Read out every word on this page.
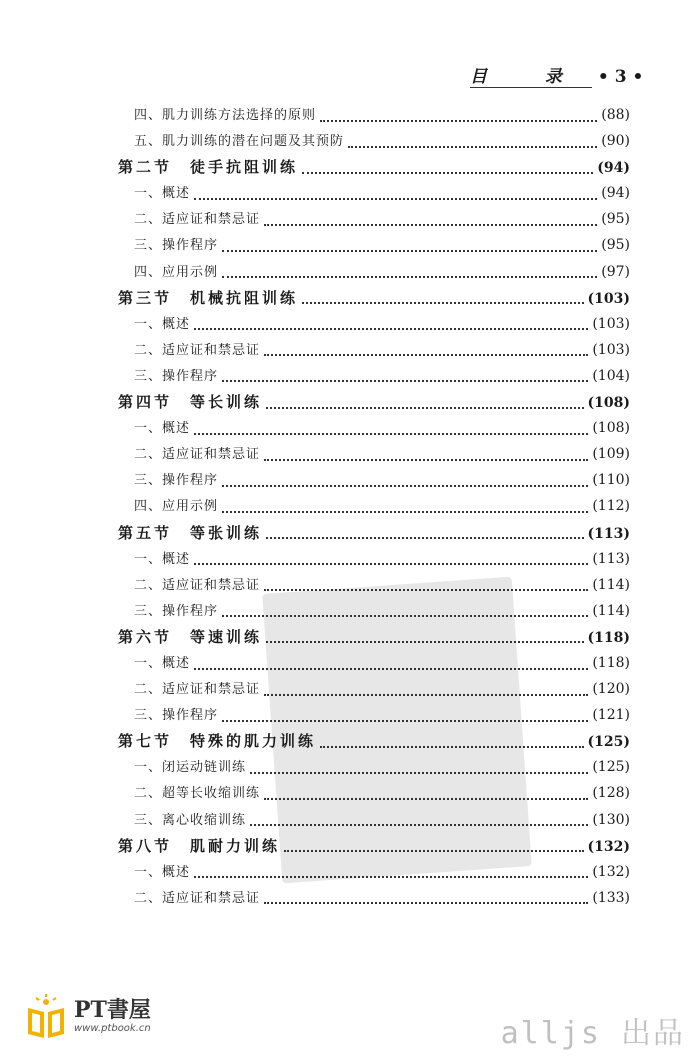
目 录 • 3 •
四、肌力训练方法选择的原则	(88)
五、肌力训练的潜在问题及其预防	(90)
第二节　徒手抗阻训练	(94)
一、概述	(94)
二、适应证和禁忌证	(95)
三、操作程序	(95)
四、应用示例	(97)
第三节　机械抗阻训练	(103)
一、概述	(103)
二、适应证和禁忌证	(103)
三、操作程序	(104)
第四节　等长训练	(108)
一、概述	(108)
二、适应证和禁忌证	(109)
三、操作程序	(110)
四、应用示例	(112)
第五节　等张训练	(113)
一、概述	(113)
二、适应证和禁忌证	(114)
三、操作程序	(114)
第六节　等速训练	(118)
一、概述	(118)
二、适应证和禁忌证	(120)
三、操作程序	(121)
第七节　特殊的肌力训练	(125)
一、闭运动链训练	(125)
二、超等长收缩训练	(128)
三、离心收缩训练	(130)
第八节　肌耐力训练	(132)
一、概述	(132)
二、适应证和禁忌证	(133)
PT書屋
www.ptbook.cn	alljs 出品
